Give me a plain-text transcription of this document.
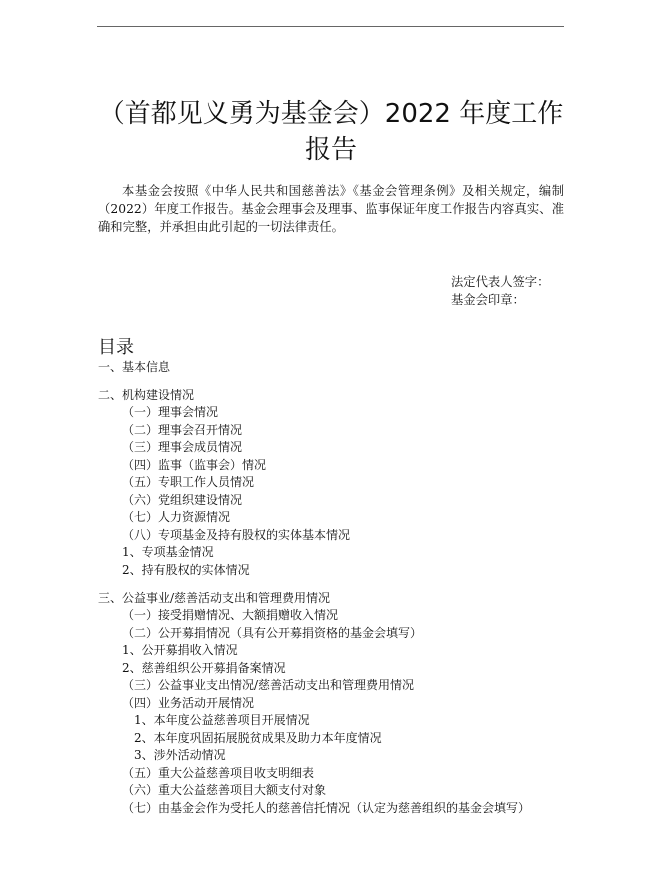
（首都见义勇为基金会）2022 年度工作报告
本基金会按照《中华人民共和国慈善法》《基金会管理条例》及相关规定，编制（2022）年度工作报告。基金会理事会及理事、监事保证年度工作报告内容真实、准确和完整，并承担由此引起的一切法律责任。
法定代表人签字：
基金会印章：
目录
一、基本信息
二、机构建设情况
（一）理事会情况
（二）理事会召开情况
（三）理事会成员情况
（四）监事（监事会）情况
（五）专职工作人员情况
（六）党组织建设情况
（七）人力资源情况
（八）专项基金及持有股权的实体基本情况
1、专项基金情况
2、持有股权的实体情况
三、公益事业/慈善活动支出和管理费用情况
（一）接受捐赠情况、大额捐赠收入情况
（二）公开募捐情况（具有公开募捐资格的基金会填写）
1、公开募捐收入情况
2、慈善组织公开募捐备案情况
（三）公益事业支出情况/慈善活动支出和管理费用情况
（四）业务活动开展情况
1、本年度公益慈善项目开展情况
2、本年度巩固拓展脱贫成果及助力本年度情况
3、涉外活动情况
（五）重大公益慈善项目收支明细表
（六）重大公益慈善项目大额支付对象
（七）由基金会作为受托人的慈善信托情况（认定为慈善组织的基金会填写）
